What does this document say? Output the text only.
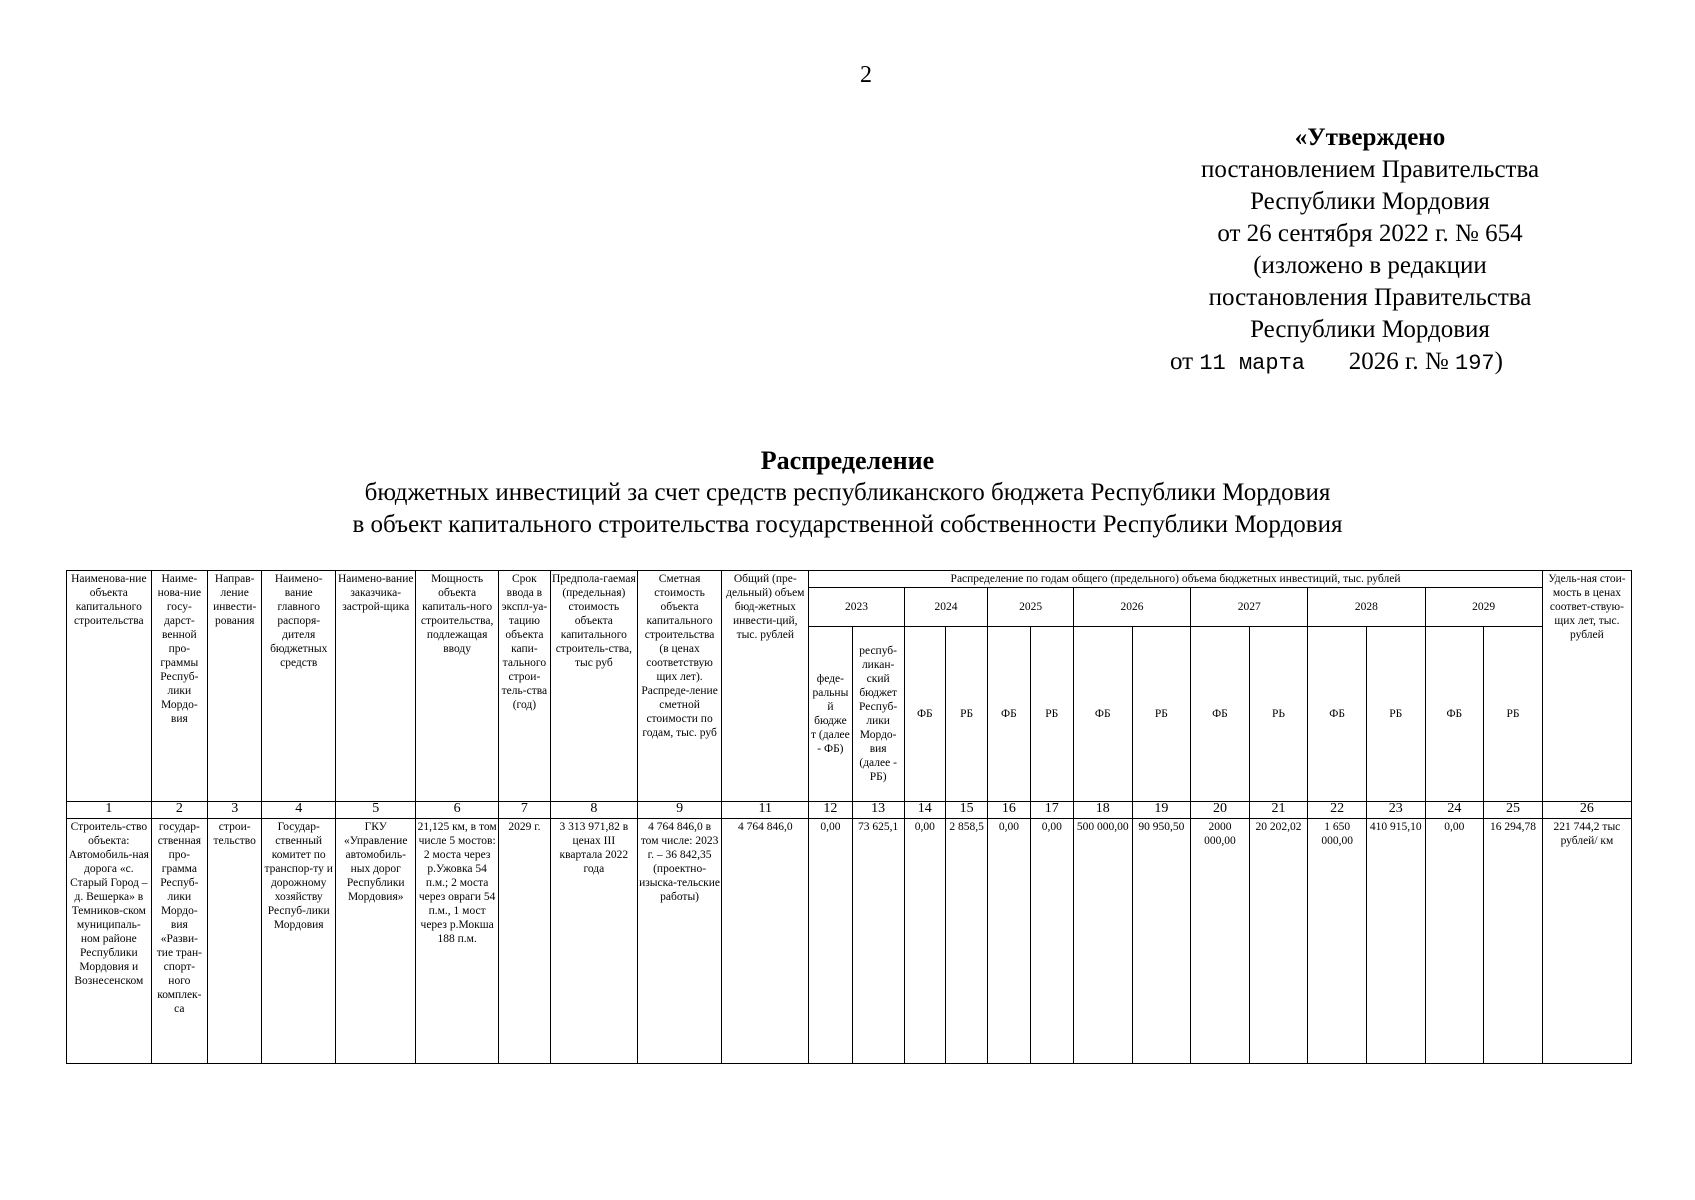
2
«Утверждено
постановлением Правительства
Республики Мордовия
от 26 сентября 2022 г. № 654
(изложено в редакции
постановления Правительства
Республики Мордовия
от 11 марта       2026 г. № 197)
Распределение
бюджетных инвестиций за счет средств республиканского бюджета Республики Мордовия
в объект капитального строительства государственной собственности Республики Мордовия
Наименова-ние объекта капитального строительства	Наиме-нова-ние госу-дарст-венной про-граммы Респуб-лики Мордо-вия	Направ-ление инвести-рования	Наимено-вание главного распоря-дителя бюджетных средств	Наимено-вание заказчика-застрой-щика	Мощность объекта капиталь-ного строительства, подлежащая вводу	Срок ввода в экспл-уа-тацию объекта капи-тального строи-тель-ства (год)	Предпола-гаемая (предельная) стоимость объекта капитального строитель-ства, тыс руб	Сметная стоимость объекта капитального строительства (в ценах соответствую щих лет). Распреде-ление сметной стоимости по годам, тыс. руб	Общий (пре-дельный) объем бюд-жетных инвести-ций, тыс. рублей	Распределение по годам общего (предельного) объема бюджетных инвестиций, тыс. рублей														Удель-ная стои-мость в ценах соответ-ствую-щих лет, тыс. рублей
										2023		2024		2025		2026		2027		2028		2029		
										феде-ральны й бюдже т (далее - ФБ)	респуб-ликан-ский бюджет Респуб-лики Мордо-вия (далее - РБ)	ФБ	РБ	ФБ	РБ	ФБ	РБ	ФБ	РЬ	ФБ	РБ	ФБ	РБ	
1	2	3	4	5	6	7	8	9	11	12	13	14	15	16	17	18	19	20	21	22	23	24	25	26
Строитель-ство объекта: Автомобиль-ная дорога «с. Старый Город – д. Вешерка» в Темников-ском муниципаль-ном районе Республики Мордовия и Вознесенском	государ-ственная про-грамма Респуб-лики Мордо-вия «Разви-тие тран-спорт-ного комплек-са	строи-тельство	Государ-ственный комитет по транспор-ту и дорожному хозяйству Респуб-лики Мордовия	ГКУ «Управление автомобиль-ных дорог Республики Мордовия»	21,125 км, в том числе 5 мостов: 2 моста через р.Ужовка 54 п.м.; 2 моста через овраги 54 п.м., 1 мост через р.Мокша 188 п.м.	2029 г.	3 313 971,82 в ценах III квартала 2022 года	4 764 846,0 в том числе: 2023 г. – 36 842,35 (проектно-изыска-тельские работы)	4 764 846,0	0,00	73 625,1	0,00	2 858,5	0,00	0,00	500 000,00	90 950,50	2000 000,00	20 202,02	1 650 000,00	410 915,10	0,00	16 294,78	221 744,2 тыс рублей/ км
